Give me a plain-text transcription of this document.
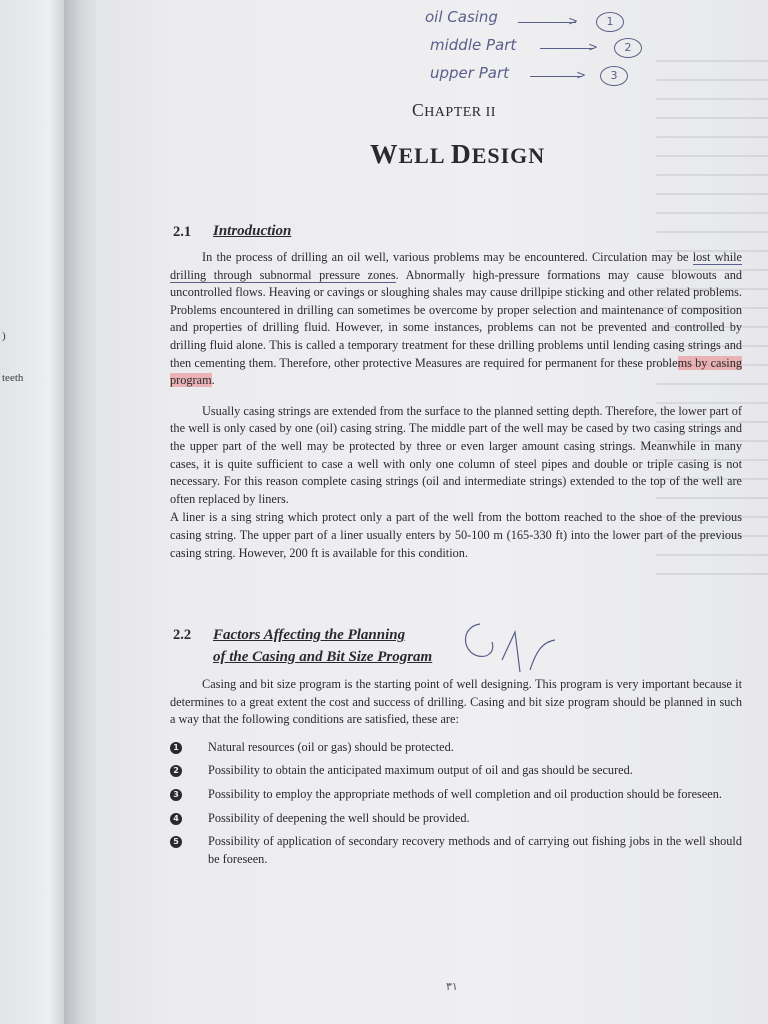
)
teeth
oil Casing	>	1
middle Part	>	2
upper Part	>	3
CHAPTER II
WELL DESIGN
2.1 Introduction

In the process of drilling an oil well, various problems may be encountered. Circulation may be lost while drilling through subnormal pressure zones. Abnormally high-pressure formations may cause blowouts and uncontrolled flows. Heaving or cavings or sloughing shales may cause drillpipe sticking and other related problems. Problems encountered in drilling can sometimes be overcome by proper selection and maintenance of composition and properties of drilling fluid. However, in some instances, problems can not be prevented and controlled by drilling fluid alone. This is called a temporary treatment for these drilling problems until lending casing strings and then cementing them. Therefore, other protective Measures are required for permanent for these problems by casing program.

Usually casing strings are extended from the surface to the planned setting depth. Therefore, the lower part of the well is only cased by one (oil) casing string. The middle part of the well may be cased by two casing strings and the upper part of the well may be protected by three or even larger amount casing strings. Meanwhile in many cases, it is quite sufficient to case a well with only one column of steel pipes and double or triple casing is not necessary. For this reason complete casing strings (oil and intermediate strings) extended to the top of the well are often replaced by liners.

A liner is a sing string which protect only a part of the well from the bottom reached to the shoe of the previous casing string. The upper part of a liner usually enters by 50-100 m (165-330 ft) into the lower part of the previous casing string. However, 200 ft is available for this condition.

2.2 Factors Affecting the Planning
of the Casing and Bit Size Program

Casing and bit size program is the starting point of well designing. This program is very important because it determines to a great extent the cost and success of drilling. Casing and bit size program should be planned in such a way that the following conditions are satisfied, these are:

1 Natural resources (oil or gas) should be protected.
2 Possibility to obtain the anticipated maximum output of oil and gas should be secured.
3 Possibility to employ the appropriate methods of well completion and oil production should be foreseen.
4 Possibility of deepening the well should be provided.
5 Possibility of application of secondary recovery methods and of carrying out fishing jobs in the well should be foreseen.
٣١
